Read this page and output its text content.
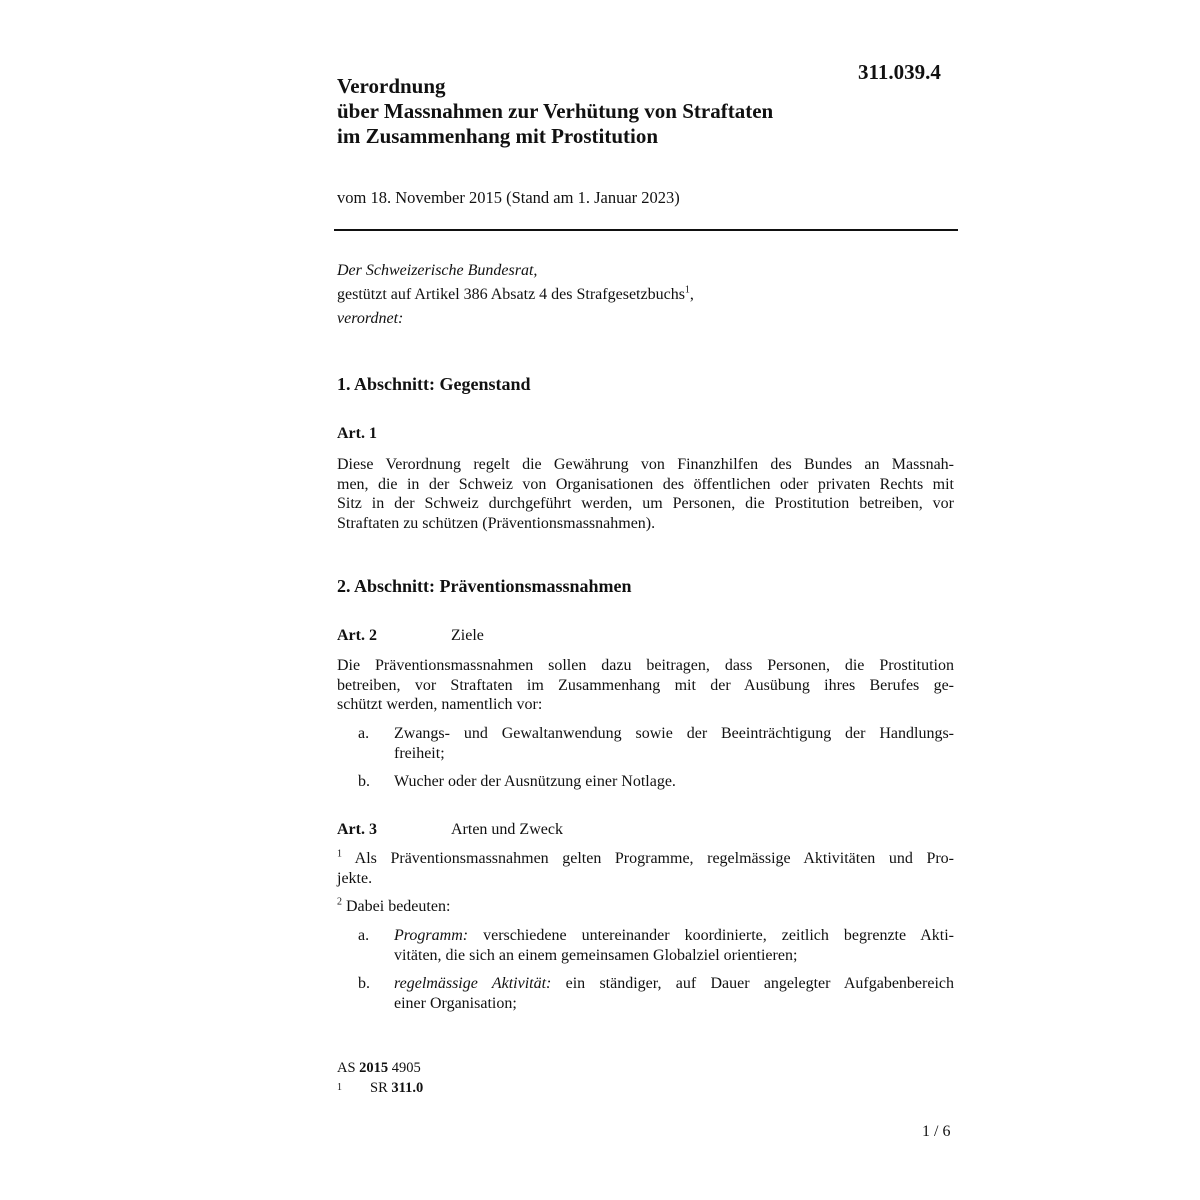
311.039.4
Verordnung
über Massnahmen zur Verhütung von Straftaten
im Zusammenhang mit Prostitution
vom 18. November 2015 (Stand am 1. Januar 2023)
Der Schweizerische Bundesrat,
gestützt auf Artikel 386 Absatz 4 des Strafgesetzbuchs$^1$,
verordnet:
1. Abschnitt: Gegenstand
Art. 1
Diese Verordnung regelt die Gewährung von Finanzhilfen des Bundes an Massnah-
men, die in der Schweiz von Organisationen des öffentlichen oder privaten Rechts mit
Sitz in der Schweiz durchgeführt werden, um Personen, die Prostitution betreiben, vor
Straftaten zu schützen (Präventionsmassnahmen).
2. Abschnitt: Präventionsmassnahmen
Art. 2	Ziele
Die Präventionsmassnahmen sollen dazu beitragen, dass Personen, die Prostitution
betreiben, vor Straftaten im Zusammenhang mit der Ausübung ihres Berufes ge-
schützt werden, namentlich vor:
a. Zwangs- und Gewaltanwendung sowie der Beeinträchtigung der Handlungs-
freiheit;
b. Wucher oder der Ausnützung einer Notlage.
Art. 3	Arten und Zweck
$^1$ Als Präventionsmassnahmen gelten Programme, regelmässige Aktivitäten und Pro-
jekte.
$^2$ Dabei bedeuten:
a. Programm: verschiedene untereinander koordinierte, zeitlich begrenzte Akti-
vitäten, die sich an einem gemeinsamen Globalziel orientieren;
b. regelmässige Aktivität: ein ständiger, auf Dauer angelegter Aufgabenbereich
einer Organisation;
AS 2015 4905
1 SR 311.0
1 / 6
